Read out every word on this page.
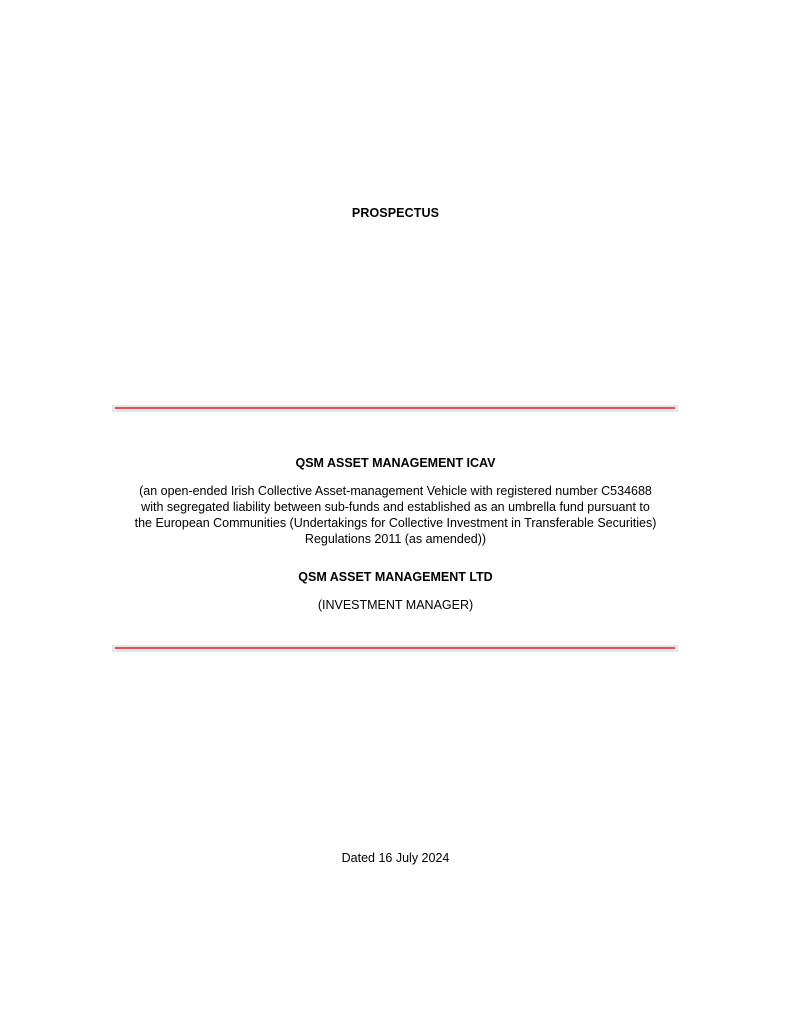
PROSPECTUS
QSM ASSET MANAGEMENT ICAV
(an open-ended Irish Collective Asset-management Vehicle with registered number C534688
with segregated liability between sub-funds and established as an umbrella fund pursuant to
the European Communities (Undertakings for Collective Investment in Transferable Securities)
Regulations 2011 (as amended))
QSM ASSET MANAGEMENT LTD
(INVESTMENT MANAGER)
Dated 16 July 2024
